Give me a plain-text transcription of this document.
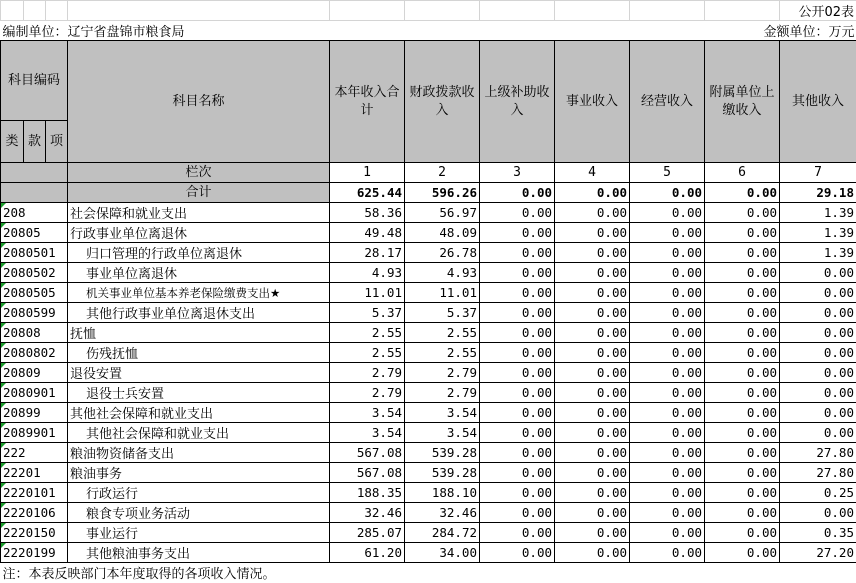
										公开02表
编制单位：辽宁省盘锦市粮食局						金额单位：万元				
科目编码			科目名称	本年收入合计	财政拨款收入	上级补助收入	事业收入	经营收入	附属单位上缴收入	其他收入
类	款	项								
			栏次	1	2	3	4	5	6	7
			合计	625.44	596.26	0.00	0.00	0.00	0.00	29.18
208			社会保障和就业支出	58.36	56.97	0.00	0.00	0.00	0.00	1.39
20805			行政事业单位离退休	49.48	48.09	0.00	0.00	0.00	0.00	1.39
2080501			归口管理的行政单位离退休	28.17	26.78	0.00	0.00	0.00	0.00	1.39
2080502			事业单位离退休	4.93	4.93	0.00	0.00	0.00	0.00	0.00
2080505			机关事业单位基本养老保险缴费支出★	11.01	11.01	0.00	0.00	0.00	0.00	0.00
2080599			其他行政事业单位离退休支出	5.37	5.37	0.00	0.00	0.00	0.00	0.00
20808			抚恤	2.55	2.55	0.00	0.00	0.00	0.00	0.00
2080802			伤残抚恤	2.55	2.55	0.00	0.00	0.00	0.00	0.00
20809			退役安置	2.79	2.79	0.00	0.00	0.00	0.00	0.00
2080901			退役士兵安置	2.79	2.79	0.00	0.00	0.00	0.00	0.00
20899			其他社会保障和就业支出	3.54	3.54	0.00	0.00	0.00	0.00	0.00
2089901			其他社会保障和就业支出	3.54	3.54	0.00	0.00	0.00	0.00	0.00
222			粮油物资储备支出	567.08	539.28	0.00	0.00	0.00	0.00	27.80
22201			粮油事务	567.08	539.28	0.00	0.00	0.00	0.00	27.80
2220101			行政运行	188.35	188.10	0.00	0.00	0.00	0.00	0.25
2220106			粮食专项业务活动	32.46	32.46	0.00	0.00	0.00	0.00	0.00
2220150			事业运行	285.07	284.72	0.00	0.00	0.00	0.00	0.35
2220199			其他粮油事务支出	61.20	34.00	0.00	0.00	0.00	0.00	27.20
注：本表反映部门本年度取得的各项收入情况。										
